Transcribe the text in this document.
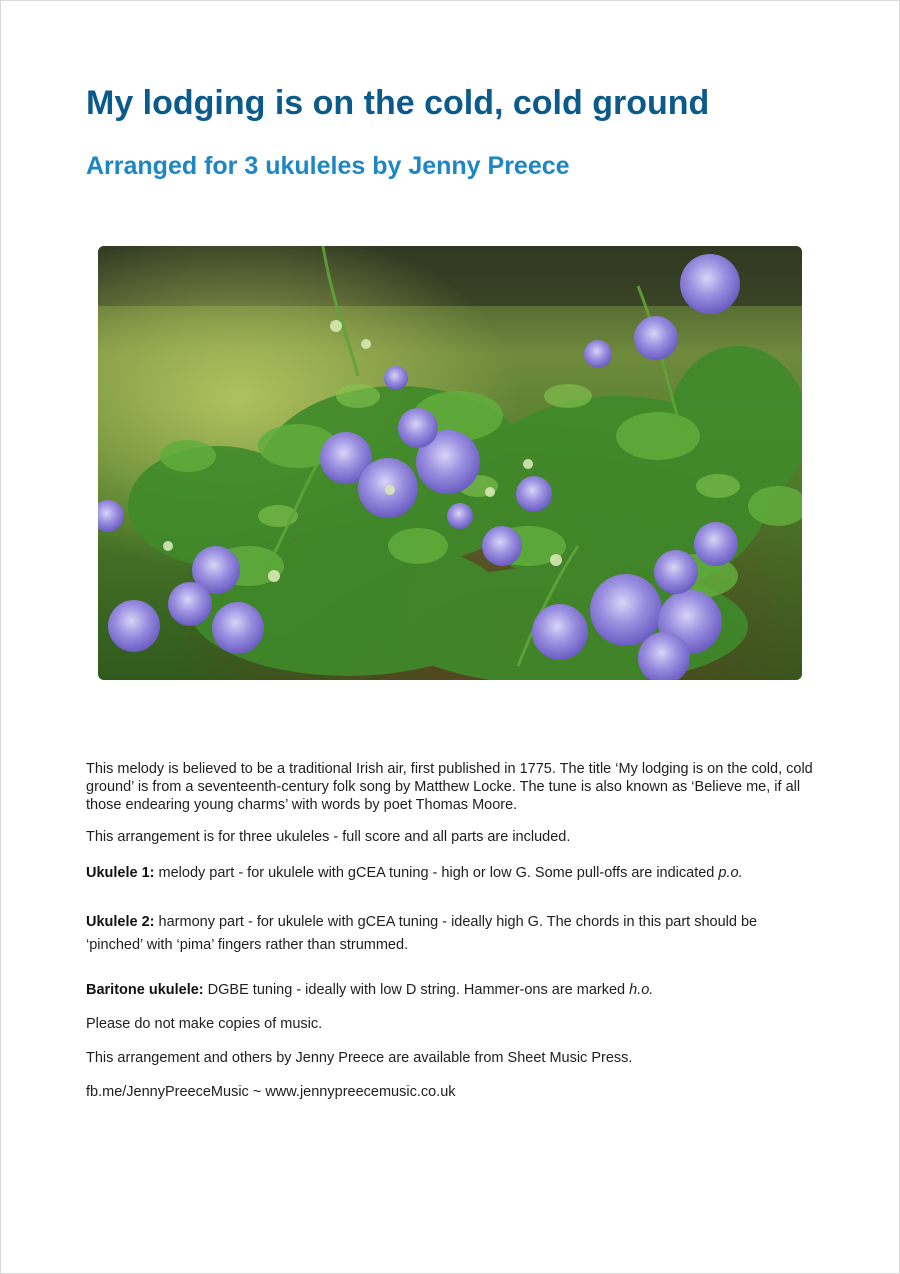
My lodging is on the cold, cold ground
Arranged for 3 ukuleles by Jenny Preece

This melody is believed to be a traditional Irish air, first published in 1775. The title ‘My lodging is on the cold, cold ground’ is from a seventeenth-century folk song by Matthew Locke. The tune is also known as ‘Believe me, if all those endearing young charms’ with words by poet Thomas Moore.

This arrangement is for three ukuleles - full score and all parts are included.

Ukulele 1: melody part - for ukulele with gCEA tuning - high or low G. Some pull-offs are indicated p.o.

Ukulele 2: harmony part - for ukulele with gCEA tuning - ideally high G. The chords in this part should be ‘pinched’ with ‘pima’ fingers rather than strummed.

Baritone ukulele: DGBE tuning - ideally with low D string. Hammer-ons are marked h.o.

Please do not make copies of music.

This arrangement and others by Jenny Preece are available from Sheet Music Press.

fb.me/JennyPreeceMusic ~ www.jennypreecemusic.co.uk
